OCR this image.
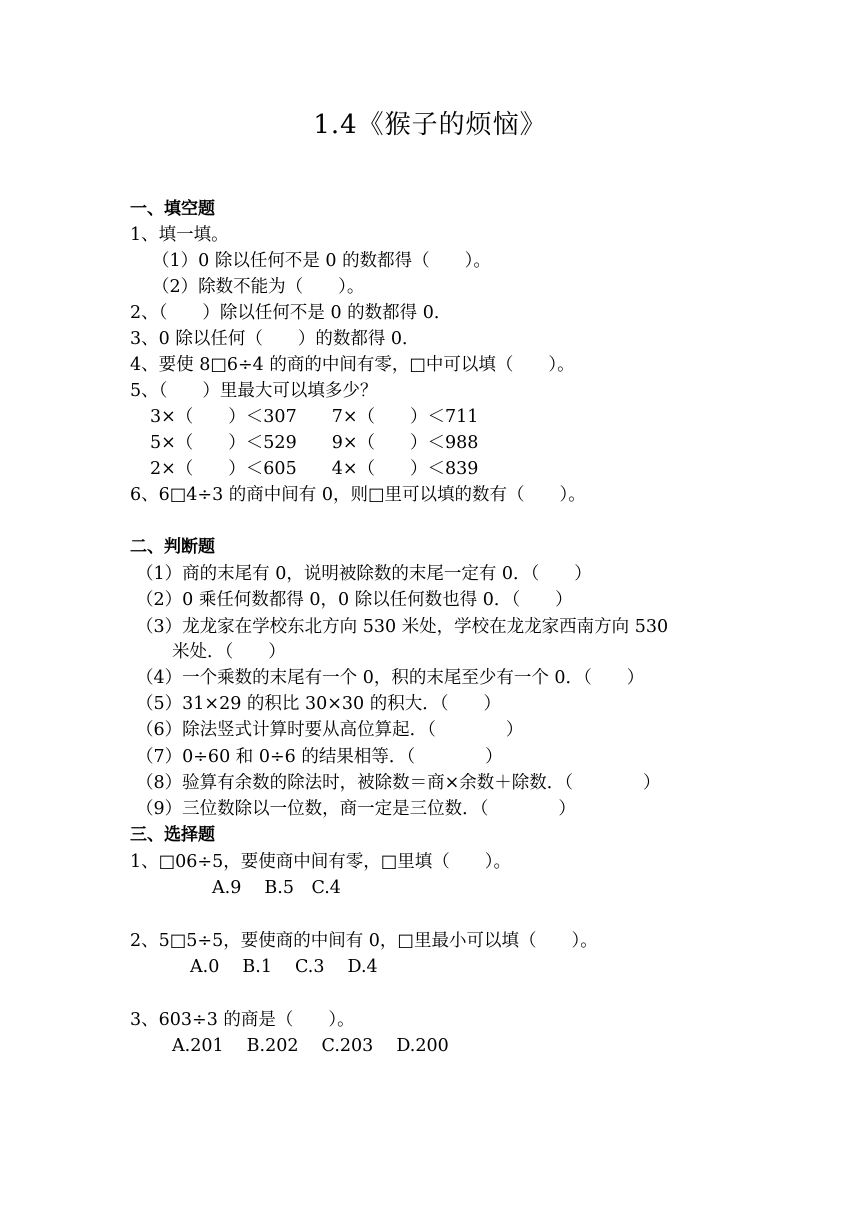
1.4《猴子的烦恼》
一、填空题
1、填一填。
（1）0 除以任何不是 0 的数都得（　　）。
（2）除数不能为（　　）。
2、（　　）除以任何不是 0 的数都得 0．
3、0 除以任何（　　）的数都得 0．
4、要使 8□6÷4 的商的中间有零，□中可以填（　　）。
5、（　　）里最大可以填多少？
3×（　　）＜307　　7×（　　）＜711
5×（　　）＜529　　9×（　　）＜988
2×（　　）＜605　　4×（　　）＜839
6、6□4÷3 的商中间有 0，则□里可以填的数有（　　）。
二、判断题
（1）商的末尾有 0，说明被除数的末尾一定有 0．（　　）
（2）0 乘任何数都得 0，0 除以任何数也得 0．（　　）
（3）龙龙家在学校东北方向 530 米处，学校在龙龙家西南方向 530
米处．（　　）
（4）一个乘数的末尾有一个 0，积的末尾至少有一个 0．（　　）
（5）31×29 的积比 30×30 的积大．（　　）
（6）除法竖式计算时要从高位算起．（　　　　）
（7）0÷60 和 0÷6 的结果相等．（　　　　）
（8）验算有余数的除法时，被除数＝商×余数＋除数．（　　　　）
（9）三位数除以一位数，商一定是三位数．（　　　　）
三、选择题
1、□06÷5，要使商中间有零，□里填（　　）。
A.9　 B.5　C.4
2、5□5÷5，要使商的中间有 0，□里最小可以填（　　）。
A.0　 B.1　 C.3　 D.4
3、603÷3 的商是（　　）。
A.201　 B.202　 C.203　 D.200
